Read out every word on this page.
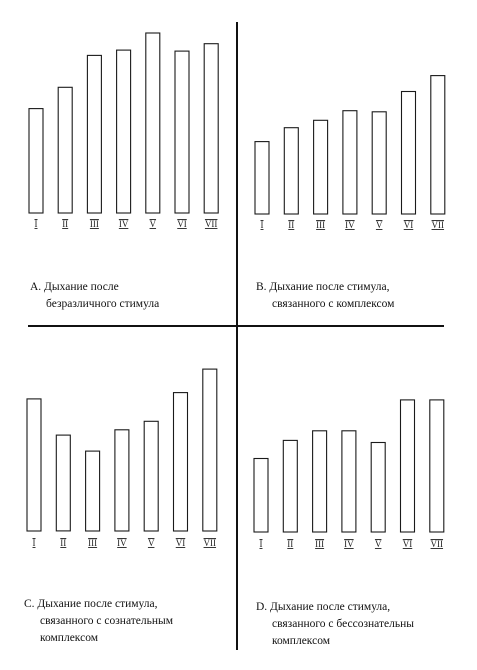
I	II III IV V VI VII	I	II III IV V VI VII
I	II III IV V VI VII	I	II III IV V VI VII
А. Дыхание после
безразличного стимула
В. Дыхание после стимула,
связанного с комплексом
С. Дыхание после стимула,
связанного с сознательным
комплексом
D. Дыхание после стимула,
связанного с бессознательны
комплексом
